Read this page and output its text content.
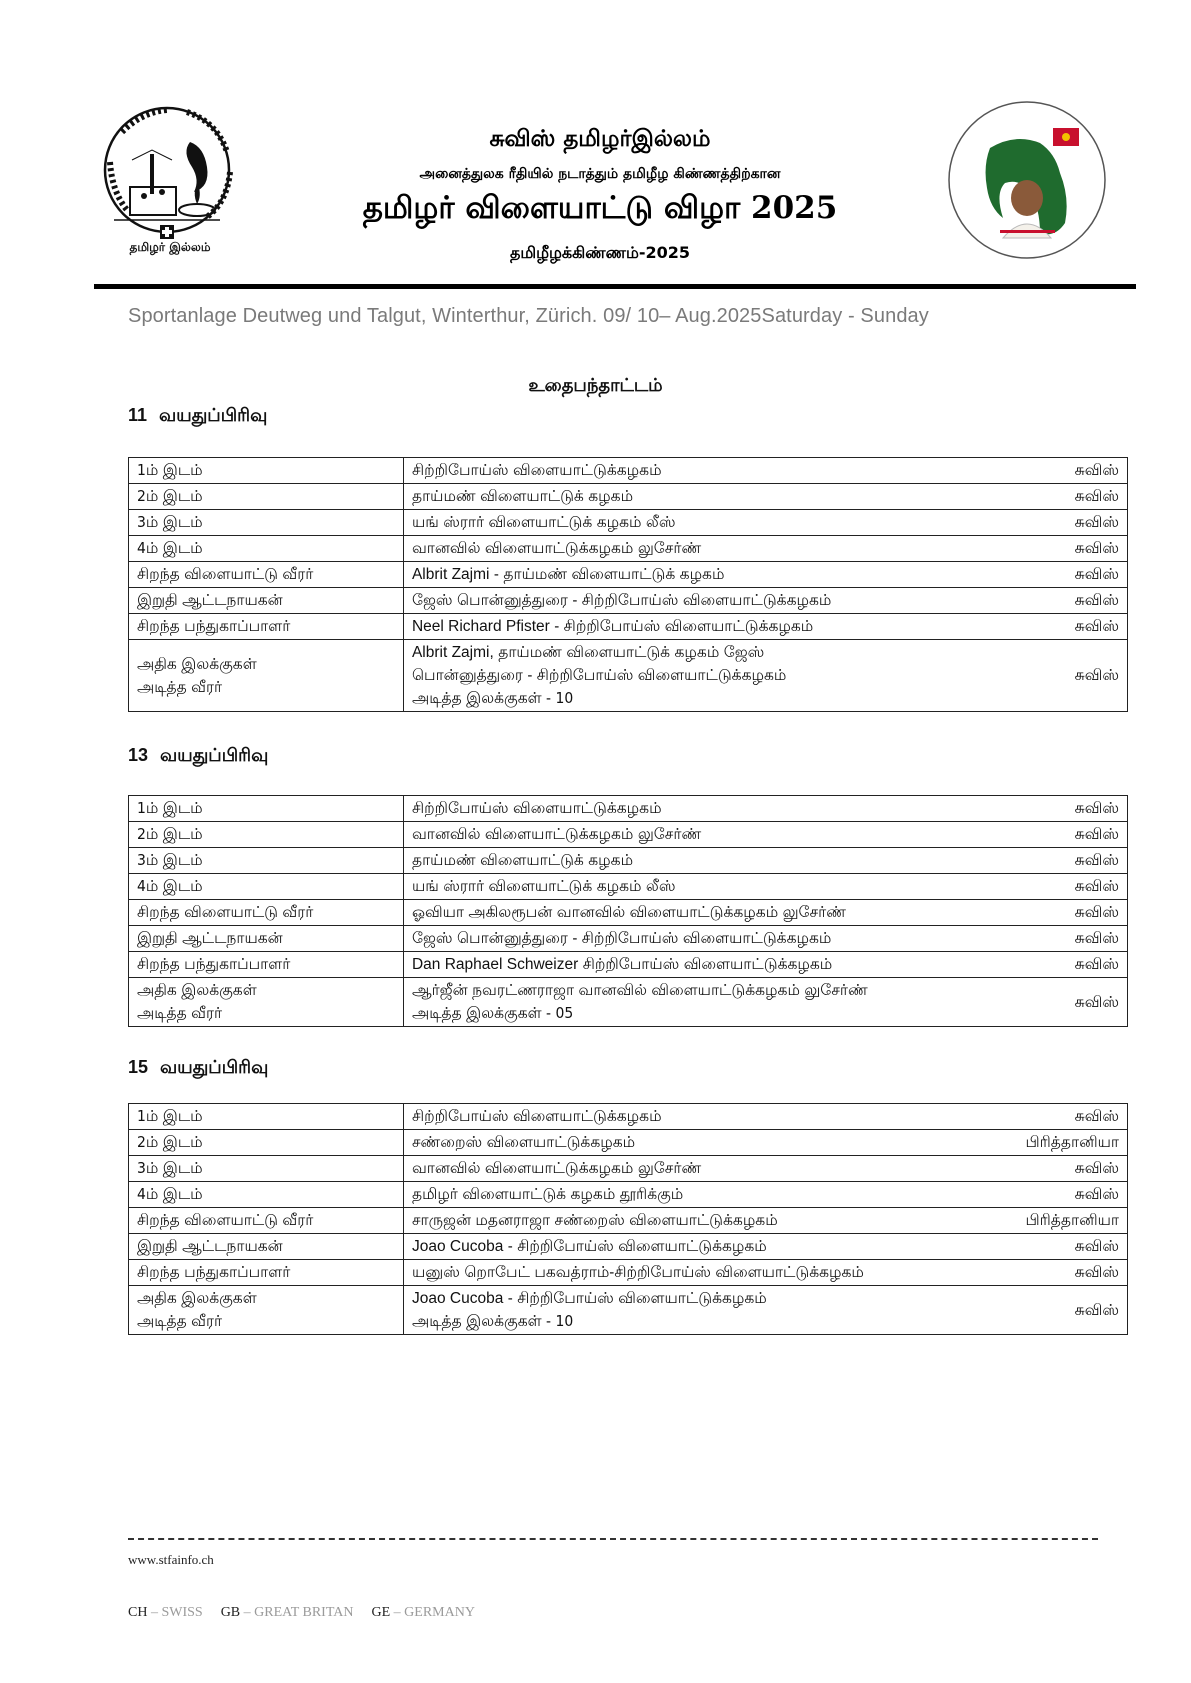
தமிழர் இல்லம்
சுவிஸ் தமிழர்இல்லம்
அனைத்துலக ரீதியில் நடாத்தும் தமிழீழ கிண்ணத்திற்கான
தமிழர் விளையாட்டு விழா 2025
தமிழீழக்கிண்ணம்-2025
Sportanlage Deutweg und Talgut, Winterthur, Zürich. 09/ 10– Aug.2025Saturday - Sunday
உதைபந்தாட்டம்
11 வயதுப்பிரிவு
1ம் இடம்	சிற்றிபோய்ஸ் விளையாட்டுக்கழகம்	சுவிஸ்
2ம் இடம்	தாய்மண் விளையாட்டுக் கழகம்	சுவிஸ்
3ம் இடம்	யங் ஸ்ரார் விளையாட்டுக் கழகம் லீஸ்	சுவிஸ்
4ம் இடம்	வானவில் விளையாட்டுக்கழகம் லுசேர்ண்	சுவிஸ்
சிறந்த விளையாட்டு வீரர்	Albrit Zajmi - தாய்மண் விளையாட்டுக் கழகம்	சுவிஸ்
இறுதி ஆட்டநாயகன்	ஜேஸ் பொன்னுத்துரை - சிற்றிபோய்ஸ் விளையாட்டுக்கழகம்	சுவிஸ்
சிறந்த பந்துகாப்பாளர்	Neel Richard Pfister - சிற்றிபோய்ஸ் விளையாட்டுக்கழகம்	சுவிஸ்
அதிக இலக்குகள்
அடித்த வீரர்	Albrit Zajmi, தாய்மண் விளையாட்டுக் கழகம் ஜேஸ்
பொன்னுத்துரை - சிற்றிபோய்ஸ் விளையாட்டுக்கழகம்
அடித்த இலக்குகள் - 10	சுவிஸ்
13 வயதுப்பிரிவு
1ம் இடம்	சிற்றிபோய்ஸ் விளையாட்டுக்கழகம்	சுவிஸ்
2ம் இடம்	வானவில் விளையாட்டுக்கழகம் லுசேர்ண்	சுவிஸ்
3ம் இடம்	தாய்மண் விளையாட்டுக் கழகம்	சுவிஸ்
4ம் இடம்	யங் ஸ்ரார் விளையாட்டுக் கழகம் லீஸ்	சுவிஸ்
சிறந்த விளையாட்டு வீரர்	ஓவியா அகிலரூபன் வானவில் விளையாட்டுக்கழகம் லுசேர்ண்	சுவிஸ்
இறுதி ஆட்டநாயகன்	ஜேஸ் பொன்னுத்துரை - சிற்றிபோய்ஸ் விளையாட்டுக்கழகம்	சுவிஸ்
சிறந்த பந்துகாப்பாளர்	Dan Raphael Schweizer சிற்றிபோய்ஸ் விளையாட்டுக்கழகம்	சுவிஸ்
அதிக இலக்குகள்
அடித்த வீரர்	ஆர்ஜீன் நவரட்ணராஜா வானவில் விளையாட்டுக்கழகம் லுசேர்ண்
அடித்த இலக்குகள் - 05	சுவிஸ்
15 வயதுப்பிரிவு
1ம் இடம்	சிற்றிபோய்ஸ் விளையாட்டுக்கழகம்	சுவிஸ்
2ம் இடம்	சண்றைஸ் விளையாட்டுக்கழகம்	பிரித்தானியா
3ம் இடம்	வானவில் விளையாட்டுக்கழகம் லுசேர்ண்	சுவிஸ்
4ம் இடம்	தமிழர் விளையாட்டுக் கழகம் தூரிக்கும்	சுவிஸ்
சிறந்த விளையாட்டு வீரர்	சாருஜன் மதனராஜா சண்றைஸ் விளையாட்டுக்கழகம்	பிரித்தானியா
இறுதி ஆட்டநாயகன்	Joao Cucoba - சிற்றிபோய்ஸ் விளையாட்டுக்கழகம்	சுவிஸ்
சிறந்த பந்துகாப்பாளர்	யனுஸ் றொபேட் பகவத்ராம்-சிற்றிபோய்ஸ் விளையாட்டுக்கழகம்	சுவிஸ்
அதிக இலக்குகள்
அடித்த வீரர்	Joao Cucoba - சிற்றிபோய்ஸ் விளையாட்டுக்கழகம்
அடித்த இலக்குகள் - 10	சுவிஸ்
www.stfainfo.ch
CH – SWISS GB – GREAT BRITAN GE – GERMANY
